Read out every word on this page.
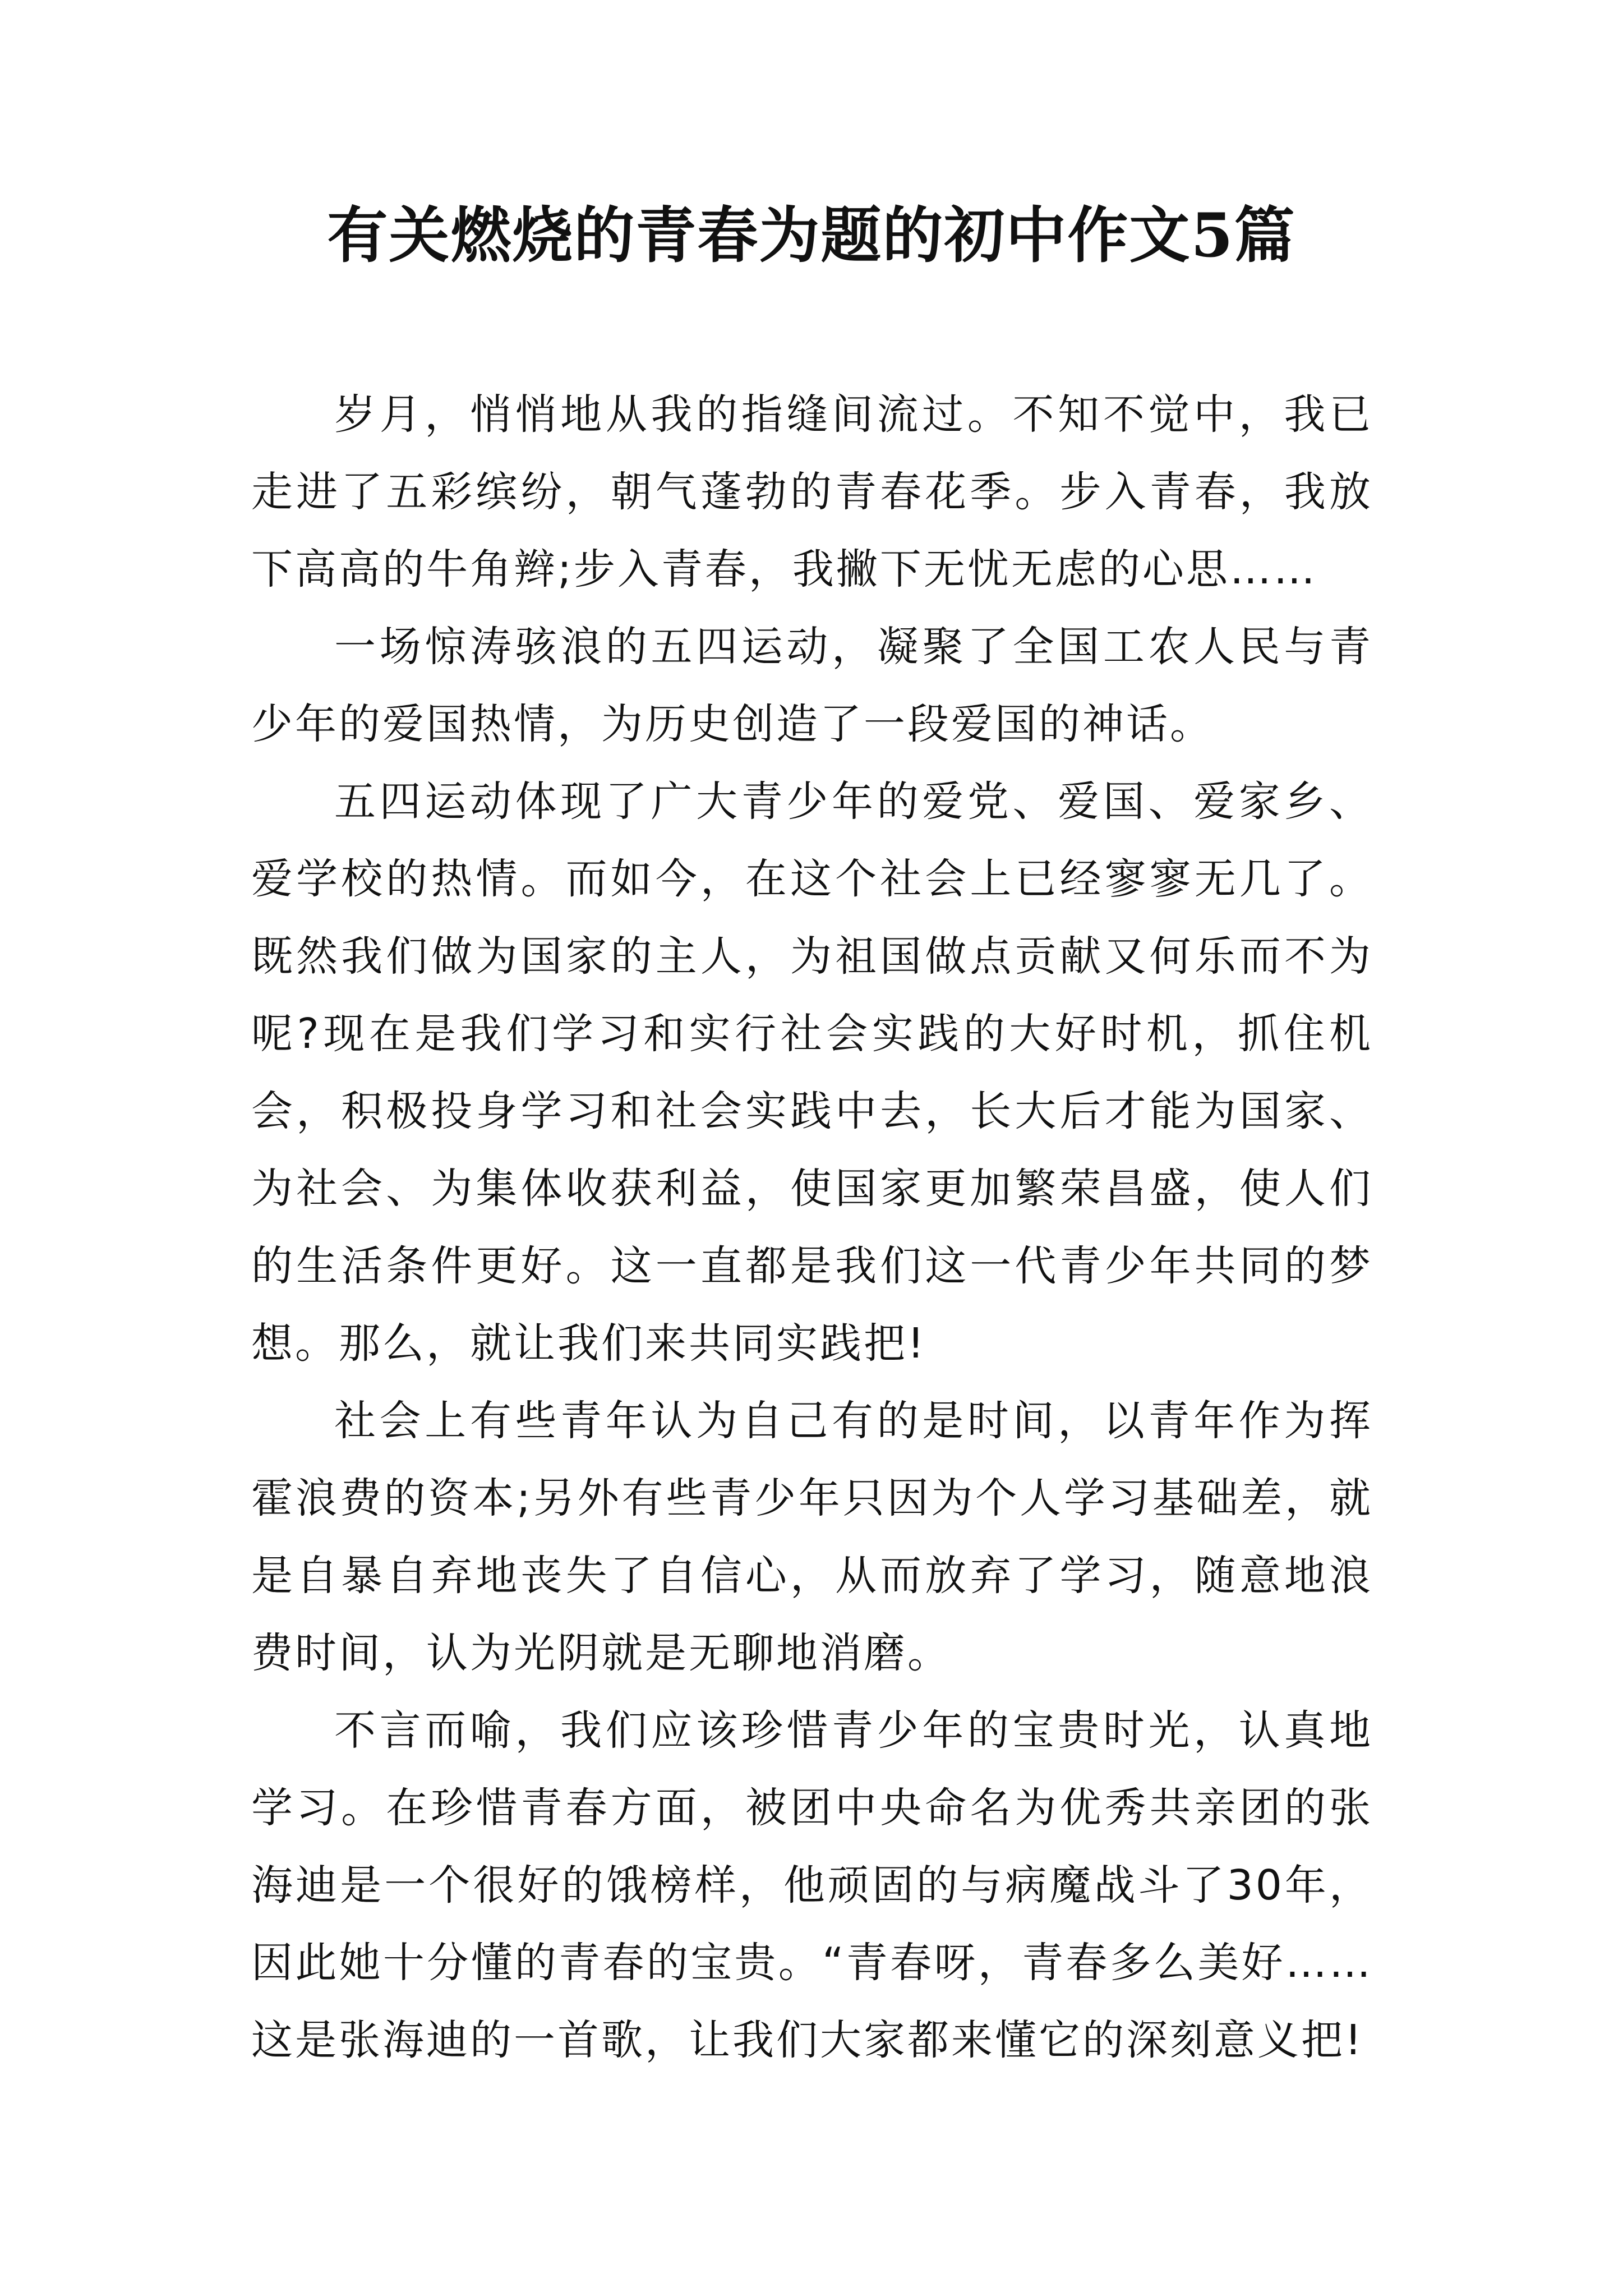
有关燃烧的青春为题的初中作文5篇

岁月，悄悄地从我的指缝间流过。不知不觉中，我已走进了五彩缤纷，朝气蓬勃的青春花季。步入青春，我放下高高的牛角辫;步入青春，我撇下无忧无虑的心思……

一场惊涛骇浪的五四运动，凝聚了全国工农人民与青少年的爱国热情，为历史创造了一段爱国的神话。

五四运动体现了广大青少年的爱党、爱国、爱家乡、爱学校的热情。而如今，在这个社会上已经寥寥无几了。既然我们做为国家的主人，为祖国做点贡献又何乐而不为呢?现在是我们学习和实行社会实践的大好时机，抓住机会，积极投身学习和社会实践中去，长大后才能为国家、为社会、为集体收获利益，使国家更加繁荣昌盛，使人们的生活条件更好。这一直都是我们这一代青少年共同的梦想。那么，就让我们来共同实践把!

社会上有些青年认为自己有的是时间，以青年作为挥霍浪费的资本;另外有些青少年只因为个人学习基础差，就是自暴自弃地丧失了自信心，从而放弃了学习，随意地浪费时间，认为光阴就是无聊地消磨。

不言而喻，我们应该珍惜青少年的宝贵时光，认真地学习。在珍惜青春方面，被团中央命名为优秀共亲团的张海迪是一个很好的饿榜样，他顽固的与病魔战斗了30年，因此她十分懂的青春的宝贵。“青春呀，青春多么美好……这是张海迪的一首歌，让我们大家都来懂它的深刻意义把!
